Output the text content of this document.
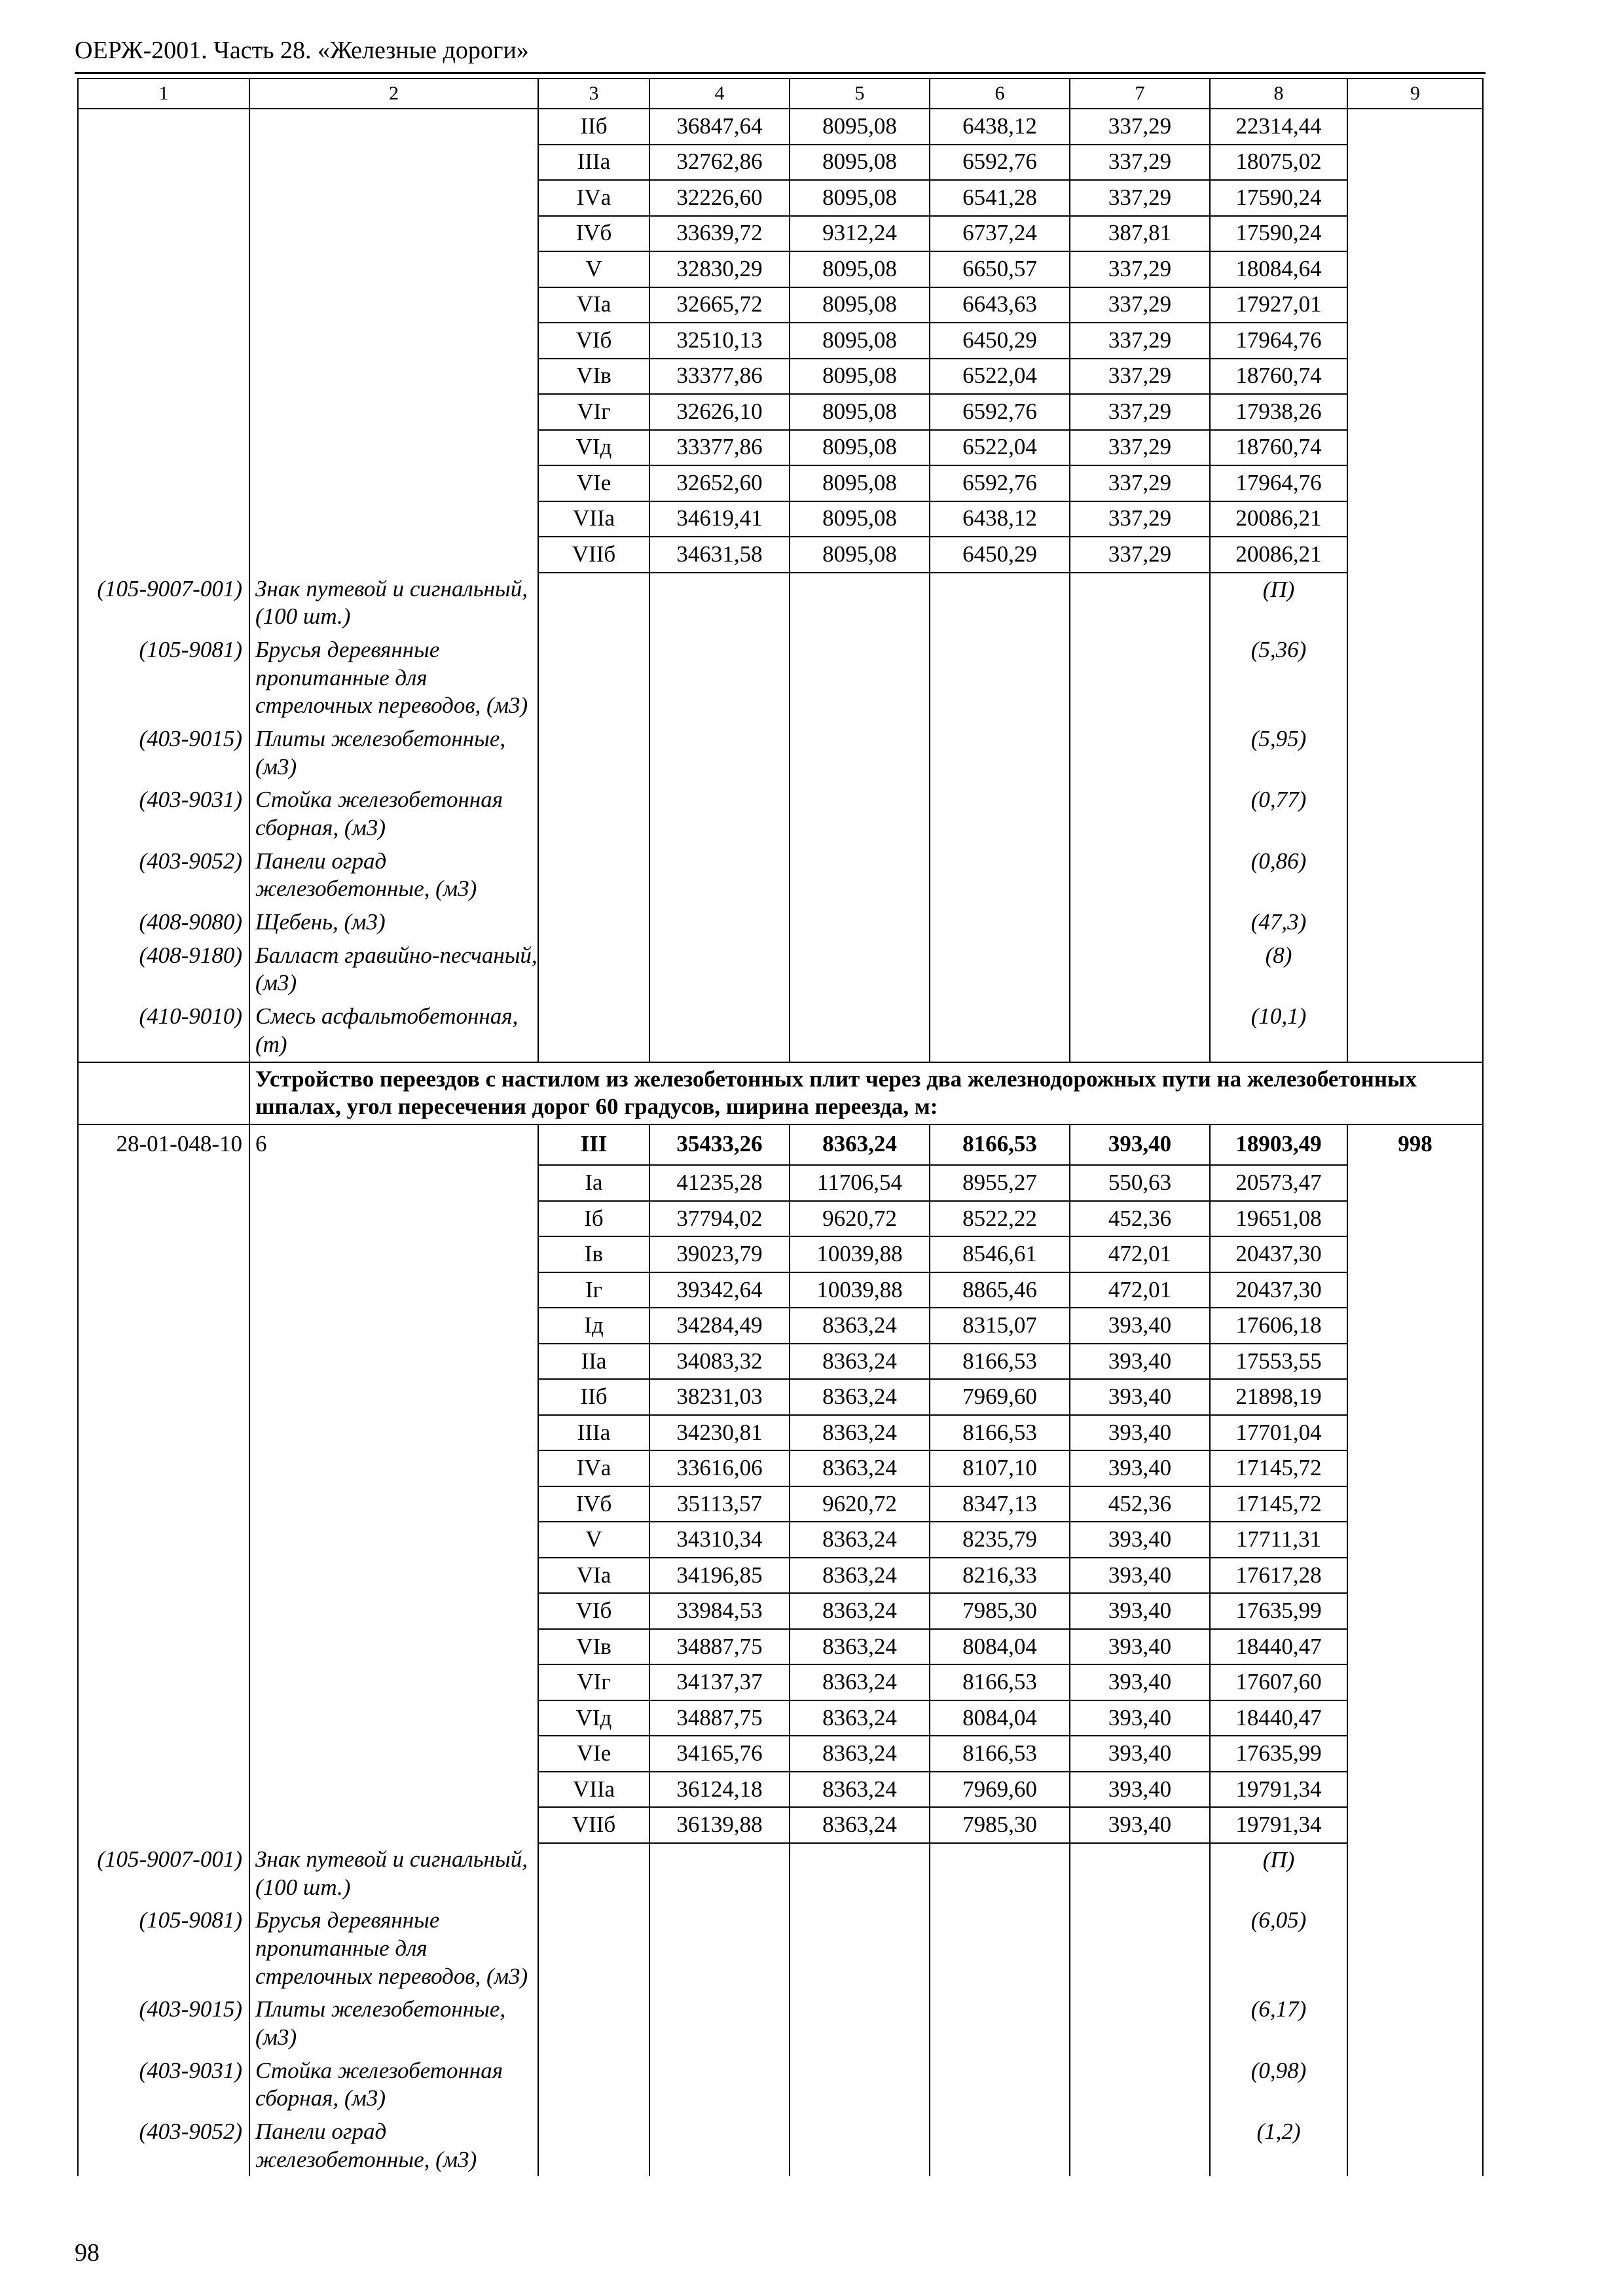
ОЕРЖ-2001. Часть 28. «Железные дороги»
1	2	3	4	5	6	7	8	9
		IIб	36847,64	8095,08	6438,12	337,29	22314,44	
		IIIа	32762,86	8095,08	6592,76	337,29	18075,02	
		IVа	32226,60	8095,08	6541,28	337,29	17590,24	
		IVб	33639,72	9312,24	6737,24	387,81	17590,24	
		V	32830,29	8095,08	6650,57	337,29	18084,64	
		VIа	32665,72	8095,08	6643,63	337,29	17927,01	
		VIб	32510,13	8095,08	6450,29	337,29	17964,76	
		VIв	33377,86	8095,08	6522,04	337,29	18760,74	
		VIг	32626,10	8095,08	6592,76	337,29	17938,26	
		VIд	33377,86	8095,08	6522,04	337,29	18760,74	
		VIе	32652,60	8095,08	6592,76	337,29	17964,76	
		VIIа	34619,41	8095,08	6438,12	337,29	20086,21	
		VIIб	34631,58	8095,08	6450,29	337,29	20086,21	
(105-9007-001)	Знак путевой и сигнальный, (100 шт.)						(П)	
(105-9081)	Брусья деревянные пропитанные для стрелочных переводов, (м3)						(5,36)	
(403-9015)	Плиты железобетонные, (м3)						(5,95)	
(403-9031)	Стойка железобетонная сборная, (м3)						(0,77)	
(403-9052)	Панели оград железобетонные, (м3)						(0,86)	
(408-9080)	Щебень, (м3)						(47,3)	
(408-9180)	Балласт гравийно-песчаный, (м3)						(8)	
(410-9010)	Смесь асфальтобетонная, (т)						(10,1)	
	Устройство переездов с настилом из железобетонных плит через два железнодорожных пути на железобетонных шпалах, угол пересечения дорог 60 градусов, ширина переезда, м:							
28-01-048-10	6	III	35433,26	8363,24	8166,53	393,40	18903,49	998
		Iа	41235,28	11706,54	8955,27	550,63	20573,47	
		Iб	37794,02	9620,72	8522,22	452,36	19651,08	
		Iв	39023,79	10039,88	8546,61	472,01	20437,30	
		Iг	39342,64	10039,88	8865,46	472,01	20437,30	
		Iд	34284,49	8363,24	8315,07	393,40	17606,18	
		IIа	34083,32	8363,24	8166,53	393,40	17553,55	
		IIб	38231,03	8363,24	7969,60	393,40	21898,19	
		IIIа	34230,81	8363,24	8166,53	393,40	17701,04	
		IVа	33616,06	8363,24	8107,10	393,40	17145,72	
		IVб	35113,57	9620,72	8347,13	452,36	17145,72	
		V	34310,34	8363,24	8235,79	393,40	17711,31	
		VIа	34196,85	8363,24	8216,33	393,40	17617,28	
		VIб	33984,53	8363,24	7985,30	393,40	17635,99	
		VIв	34887,75	8363,24	8084,04	393,40	18440,47	
		VIг	34137,37	8363,24	8166,53	393,40	17607,60	
		VIд	34887,75	8363,24	8084,04	393,40	18440,47	
		VIе	34165,76	8363,24	8166,53	393,40	17635,99	
		VIIа	36124,18	8363,24	7969,60	393,40	19791,34	
		VIIб	36139,88	8363,24	7985,30	393,40	19791,34	
(105-9007-001)	Знак путевой и сигнальный, (100 шт.)						(П)	
(105-9081)	Брусья деревянные пропитанные для стрелочных переводов, (м3)						(6,05)	
(403-9015)	Плиты железобетонные, (м3)						(6,17)	
(403-9031)	Стойка железобетонная сборная, (м3)						(0,98)	
(403-9052)	Панели оград железобетонные, (м3)						(1,2)	
98
